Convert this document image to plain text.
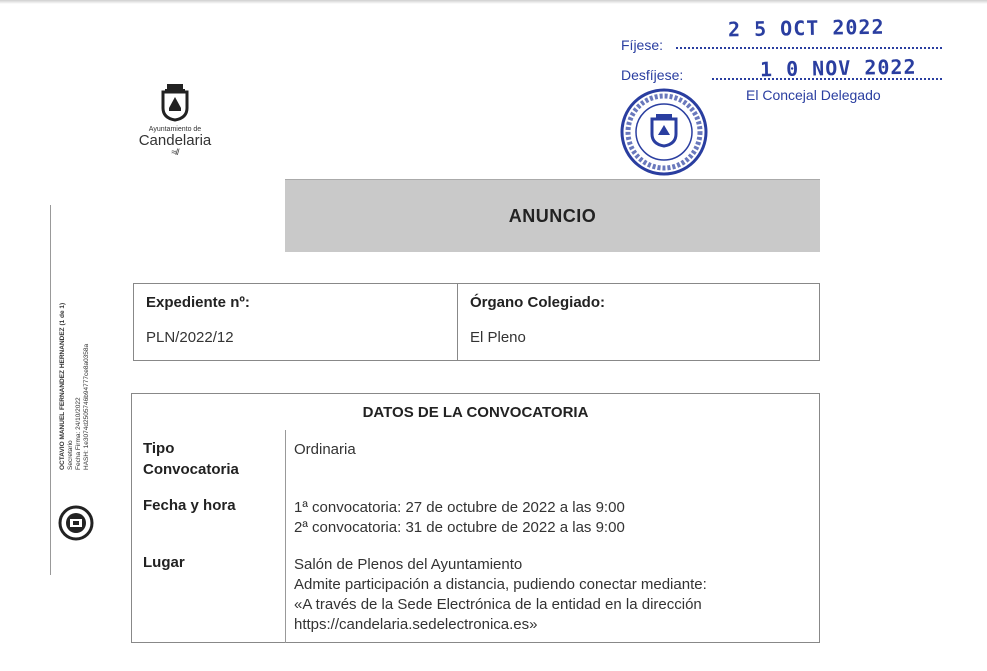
Ayuntamiento de
Candelaria
≈//
2 5 OCT 2022
Fíjese:
1 0 NOV 2022
Desfíjese:
El Concejal Delegado
OCTAVIO MANUEL FERNANDEZ HERNANDEZ (1 de 1) Secretario Fecha Firma: 24/10/2022 HASH: 1e3074d2505746b94777ce8a0358a
ANUNCIO
Expediente nº:
PLN/2022/12
Órgano Colegiado:
El Pleno
DATOS DE LA CONVOCATORIA
Tipo
Convocatoria
Ordinaria
Fecha y hora	1ª convocatoria: 27 de octubre de 2022 a las 9:00
2ª convocatoria: 31 de octubre de 2022 a las 9:00
Lugar	Salón de Plenos del Ayuntamiento
Admite participación a distancia, pudiendo conectar mediante:
«A través de la Sede Electrónica de la entidad en la dirección
https://candelaria.sedelectronica.es»
